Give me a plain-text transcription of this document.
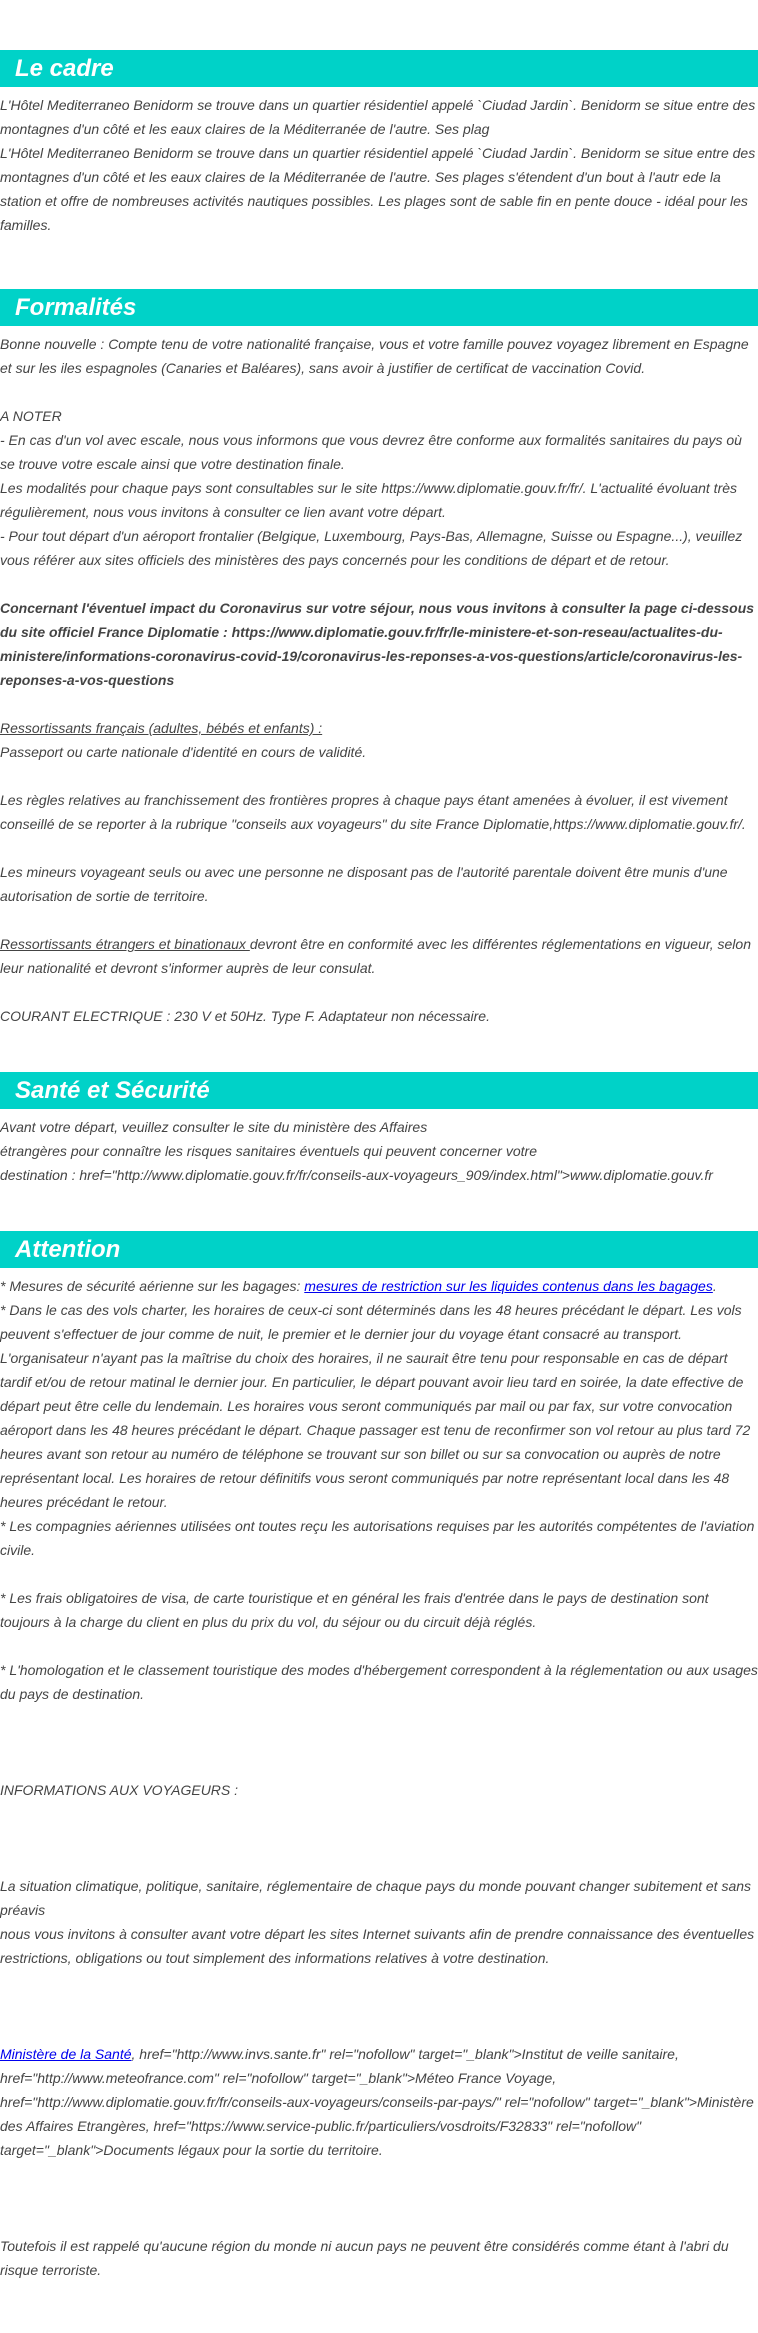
Le cadre

L'Hôtel Mediterraneo Benidorm se trouve dans un quartier résidentiel appelé `Ciudad Jardin`. Benidorm se situe entre des montagnes d'un côté et les eaux claires de la Méditerranée de l'autre. Ses plag

L'Hôtel Mediterraneo Benidorm se trouve dans un quartier résidentiel appelé `Ciudad Jardin`. Benidorm se situe entre des montagnes d'un côté et les eaux claires de la Méditerranée de l'autre. Ses plages s'étendent d'un bout à l'autr ede la station et offre de nombreuses activités nautiques possibles. Les plages sont de sable fin en pente douce - idéal pour les familles.

Formalités

Bonne nouvelle : Compte tenu de votre nationalité française, vous et votre famille pouvez voyagez librement en Espagne et sur les iles espagnoles (Canaries et Baléares), sans avoir à justifier de certificat de vaccination Covid.

A NOTER

- En cas d'un vol avec escale, nous vous informons que vous devrez être conforme aux formalités sanitaires du pays où se trouve votre escale ainsi que votre destination finale.

Les modalités pour chaque pays sont consultables sur le site https://www.diplomatie.gouv.fr/fr/. L'actualité évoluant très régulièrement, nous vous invitons à consulter ce lien avant votre départ.

- Pour tout départ d'un aéroport frontalier (Belgique, Luxembourg, Pays-Bas, Allemagne, Suisse ou Espagne...), veuillez vous référer aux sites officiels des ministères des pays concernés pour les conditions de départ et de retour.

Concernant l'éventuel impact du Coronavirus sur votre séjour, nous vous invitons à consulter la page ci-dessous du site officiel France Diplomatie : https://www.diplomatie.gouv.fr/fr/le-ministere-et-son-reseau/actualites-du-ministere/informations-coronavirus-covid-19/coronavirus-les-reponses-a-vos-questions/article/coronavirus-les-reponses-a-vos-questions

Ressortissants français (adultes, bébés et enfants) :

Passeport ou carte nationale d'identité en cours de validité.

Les règles relatives au franchissement des frontières propres à chaque pays étant amenées à évoluer, il est vivement conseillé de se reporter à la rubrique "conseils aux voyageurs" du site France Diplomatie,https://www.diplomatie.gouv.fr/.

Les mineurs voyageant seuls ou avec une personne ne disposant pas de l'autorité parentale doivent être munis d'une autorisation de sortie de territoire.

Ressortissants étrangers et binationaux devront être en conformité avec les différentes réglementations en vigueur, selon leur nationalité et devront s'informer auprès de leur consulat.

COURANT ELECTRIQUE : 230 V et 50Hz. Type F. Adaptateur non nécessaire.

Santé et Sécurité

Avant votre départ, veuillez consulter le site du ministère des Affaires

étrangères pour connaître les risques sanitaires éventuels qui peuvent concerner votre

destination : href="http://www.diplomatie.gouv.fr/fr/conseils-aux-voyageurs_909/index.html">www.diplomatie.gouv.fr

Attention

* Mesures de sécurité aérienne sur les bagages: mesures de restriction sur les liquides contenus dans les bagages.

* Dans le cas des vols charter, les horaires de ceux-ci sont déterminés dans les 48 heures précédant le départ. Les vols peuvent s'effectuer de jour comme de nuit, le premier et le dernier jour du voyage étant consacré au transport. L'organisateur n'ayant pas la maîtrise du choix des horaires, il ne saurait être tenu pour responsable en cas de départ tardif et/ou de retour matinal le dernier jour. En particulier, le départ pouvant avoir lieu tard en soirée, la date effective de départ peut être celle du lendemain. Les horaires vous seront communiqués par mail ou par fax, sur votre convocation aéroport dans les 48 heures précédant le départ. Chaque passager est tenu de reconfirmer son vol retour au plus tard 72 heures avant son retour au numéro de téléphone se trouvant sur son billet ou sur sa convocation ou auprès de notre représentant local. Les horaires de retour définitifs vous seront communiqués par notre représentant local dans les 48 heures précédant le retour.

* Les compagnies aériennes utilisées ont toutes reçu les autorisations requises par les autorités compétentes de l'aviation civile.

* Les frais obligatoires de visa, de carte touristique et en général les frais d'entrée dans le pays de destination sont toujours à la charge du client en plus du prix du vol, du séjour ou du circuit déjà réglés.

* L'homologation et le classement touristique des modes d'hébergement correspondent à la réglementation ou aux usages du pays de destination.

INFORMATIONS AUX VOYAGEURS :

La situation climatique, politique, sanitaire, réglementaire de chaque pays du monde pouvant changer subitement et sans préavis

nous vous invitons à consulter avant votre départ les sites Internet suivants afin de prendre connaissance des éventuelles restrictions, obligations ou tout simplement des informations relatives à votre destination.

Ministère de la Santé, href="http://www.invs.sante.fr" rel="nofollow" target="_blank">Institut de veille sanitaire, href="http://www.meteofrance.com" rel="nofollow" target="_blank">Méteo France Voyage, href="http://www.diplomatie.gouv.fr/fr/conseils-aux-voyageurs/conseils-par-pays/" rel="nofollow" target="_blank">Ministère des Affaires Etrangères, href="https://www.service-public.fr/particuliers/vosdroits/F32833" rel="nofollow" target="_blank">Documents légaux pour la sortie du territoire.

Toutefois il est rappelé qu'aucune région du monde ni aucun pays ne peuvent être considérés comme étant à l'abri du risque terroriste.
